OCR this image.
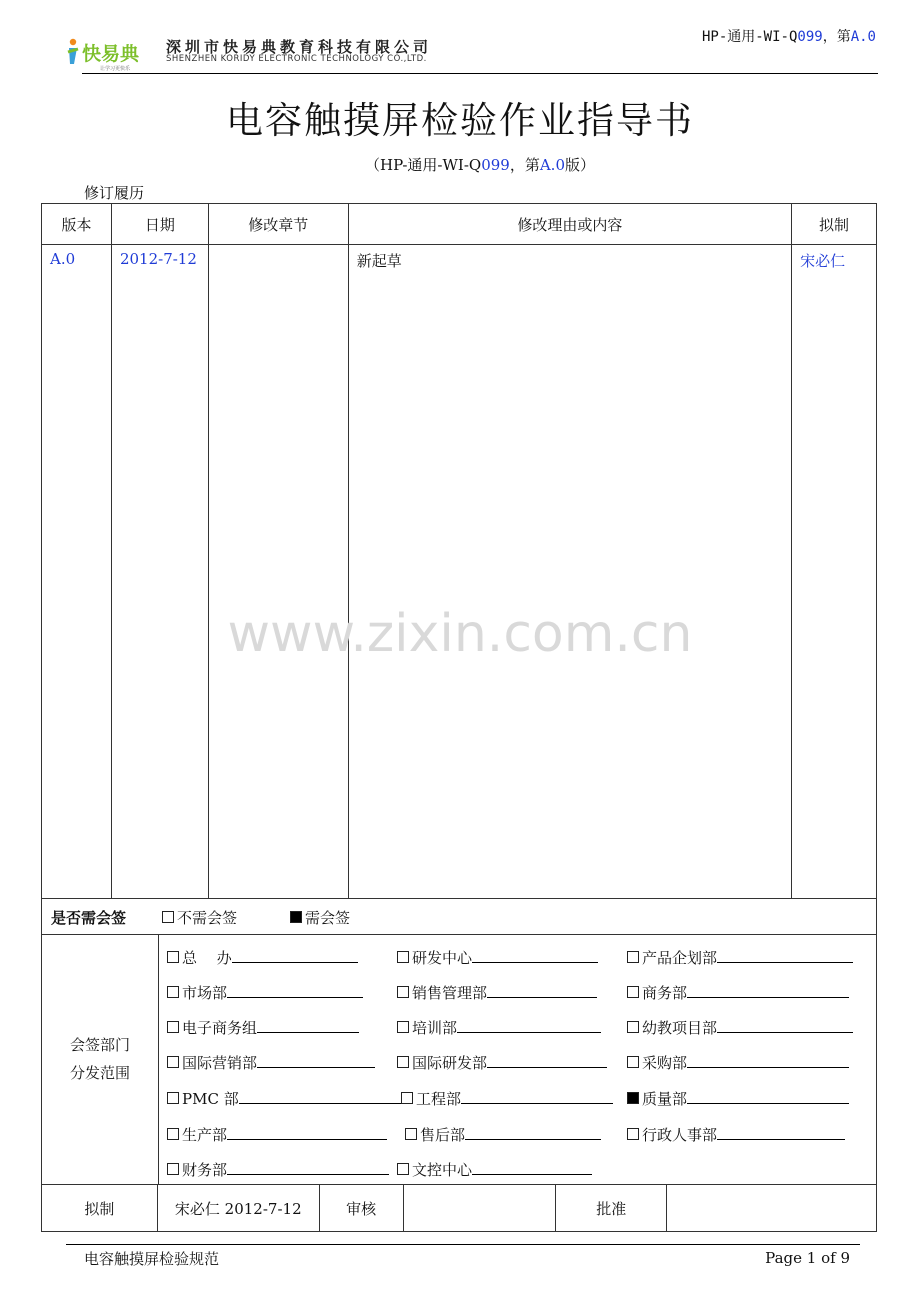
HP-通用-WI-Q099，第A.0
快易典
让学习更快乐
深圳市快易典教育科技有限公司
SHENZHEN KORIDY ELECTRONIC TECHNOLOGY CO.,LTD.
电容触摸屏检验作业指导书
（HP-通用-WI-Q099，第A.0版）
修订履历
版本	日期	修改章节	修改理由或内容	拟制
A.0	2012-7-12		新起草	宋必仁
是否需会签	不需会签	需会签
会签部门
分发范围
总　 办	研发中心	产品企划部
市场部	销售管理部	商务部
电子商务组	培训部	幼教项目部
国际营销部	国际研发部	采购部
PMC 部	工程部	质量部
生产部	售后部	行政人事部
财务部	文控中心
拟制	宋必仁 2012-7-12	审核		批准	
电容触摸屏检验规范	Page 1 of 9
www.zixin.com.cn
